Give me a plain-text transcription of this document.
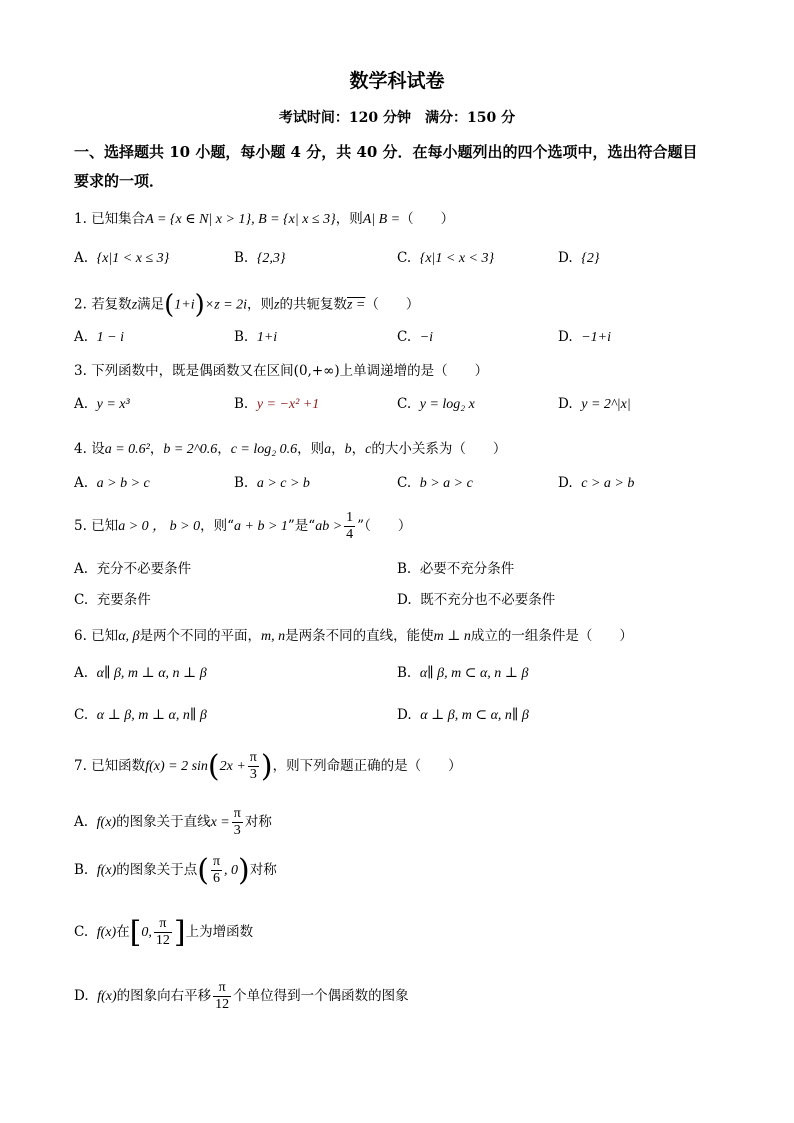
数学科试卷
考试时间：120 分钟　满分：150 分
一、选择题共 10 小题，每小题 4 分，共 40 分．在每小题列出的四个选项中，选出符合题目
要求的一项．
1. 已知集合A = {x ∈ N| x > 1}, B = {x| x ≤ 3}，则A| B =（　　）
A. {x|1 < x ≤ 3}	B. {2,3}	C. {x|1 < x < 3}	D. {2}
2. 若复数z满足(1+i)×z = 2i，则z的共轭复数z =（　　）
A. 1 − i	B. 1+i	C. −i	D. −1+i
3. 下列函数中，既是偶函数又在区间(0,+∞)上单调递增的是（　　）
A. y = x³	B. y = −x² +1	C. y = log₂ x	D. y = 2^|x|
4. 设a = 0.6²，b = 2^0.6，c = log₂ 0.6，则a，b，c的大小关系为（　　）
A. a > b > c	B. a > c > b	C. b > a > c	D. c > a > b
5. 已知a > 0 ， b > 0，则“a + b > 1”是“ab > $\frac{1}{4}$ ”（　　）
A. 充分不必要条件	B. 必要不充分条件
C. 充要条件	D. 既不充分也不必要条件
6. 已知α, β是两个不同的平面，m, n是两条不同的直线，能使m ⊥ n成立的一组条件是（　　）
A. α∥ β, m ⊥ α, n ⊥ β	B. α∥ β, m ⊂ α, n ⊥ β
C. α ⊥ β, m ⊥ α, n∥ β	D. α ⊥ β, m ⊂ α, n∥ β
7. 已知函数f(x) = 2 $\sin(2x + \frac{\pi}{3}$ )，则下列命题正确的是（　　）
A. f(x)的图象关于直线$x = \frac{\pi}{3}$ 对称
B. f(x)的图象关于点( $\frac{\pi}{6}$ , 0)对称
C. f(x)在[0, $\frac{\pi}{12}$ ]上为增函数
D. f(x)的图象向右平移 $\frac{\pi}{12}$ 个单位得到一个偶函数的图象
